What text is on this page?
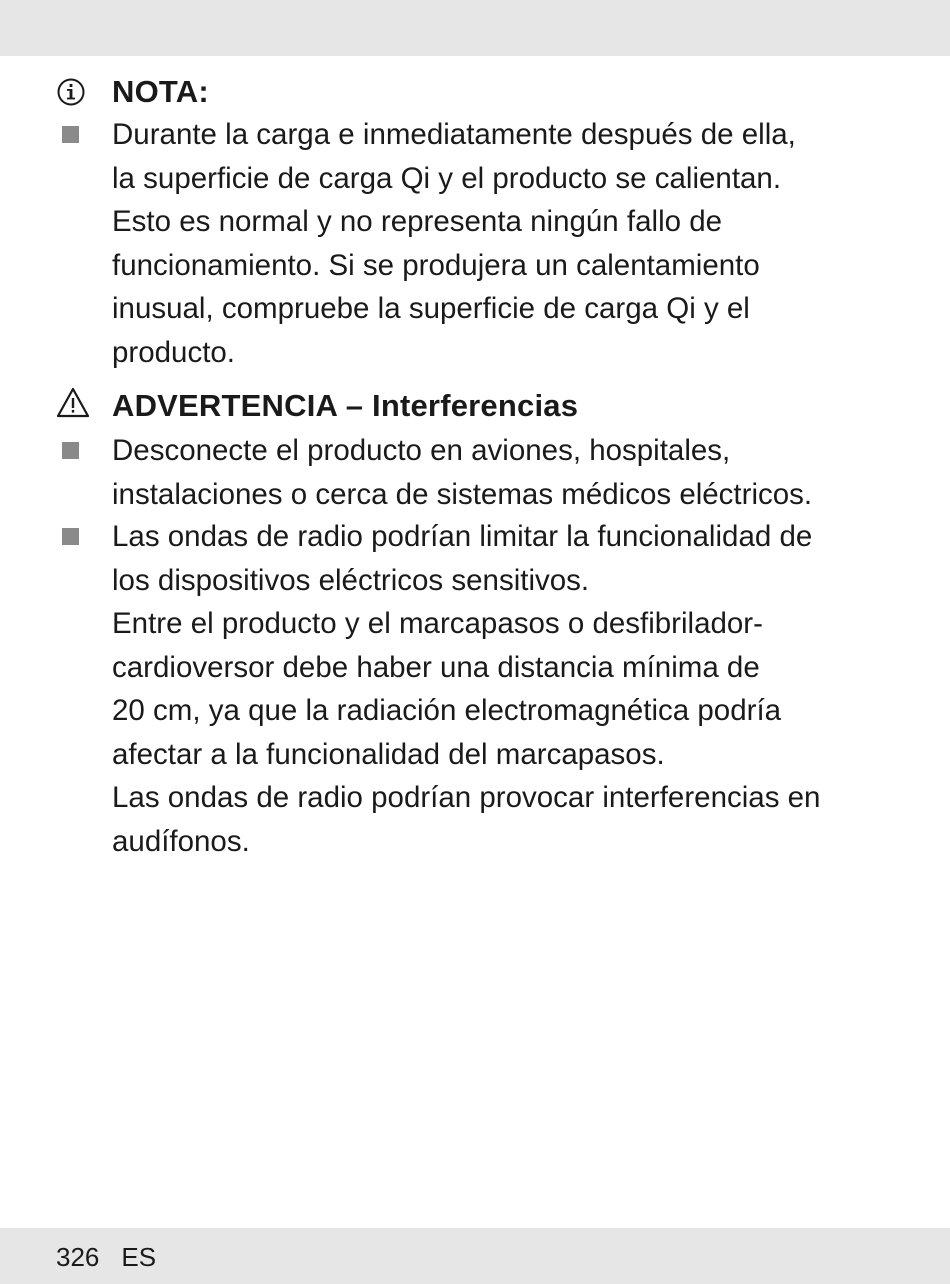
NOTA:

Durante la carga e inmediatamente después de ella,
la superficie de carga Qi y el producto se calientan.
Esto es normal y no representa ningún fallo de
funcionamiento. Si se produjera un calentamiento
inusual, compruebe la superficie de carga Qi y el
producto.

ADVERTENCIA – Interferencias

Desconecte el producto en aviones, hospitales,
instalaciones o cerca de sistemas médicos eléctricos.

Las ondas de radio podrían limitar la funcionalidad de
los dispositivos eléctricos sensitivos.
Entre el producto y el marcapasos o desfibrilador-
cardioversor debe haber una distancia mínima de
20 cm, ya que la radiación electromagnética podría
afectar a la funcionalidad del marcapasos.
Las ondas de radio podrían provocar interferencias en
audífonos.

326 ES
